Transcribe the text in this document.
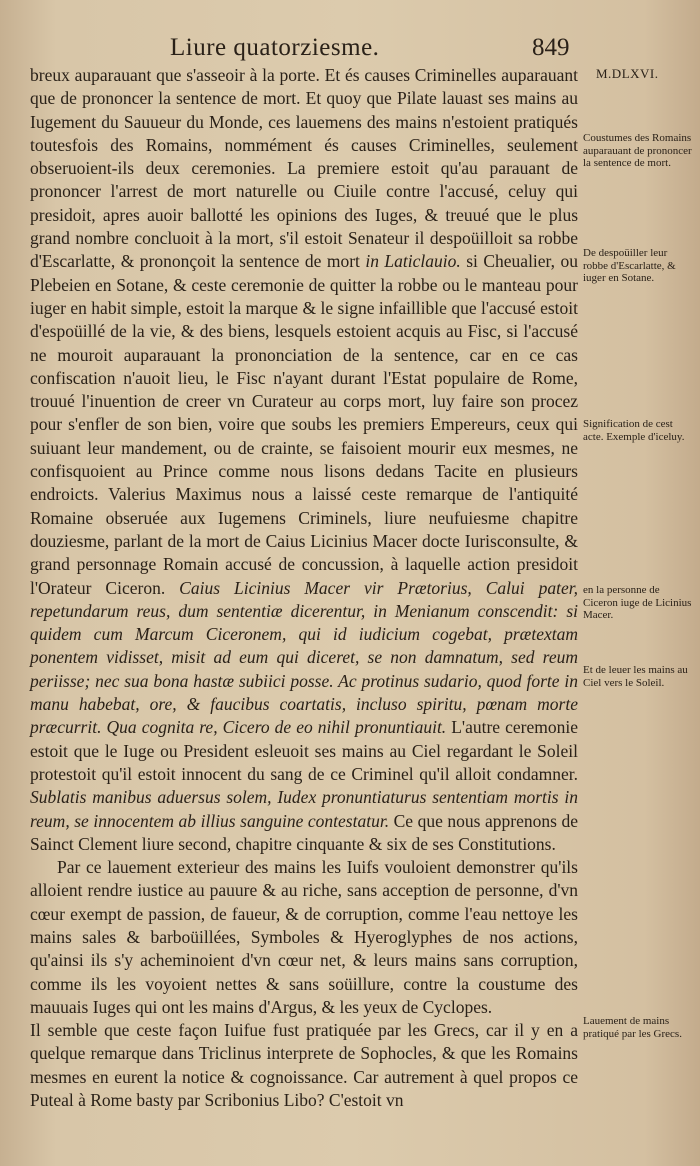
Liure quatorziesme.	849
M.DLXVI.
Coustumes des Romains auparauant de prononcer la sentence de mort.
De despoüiller leur robbe d'Escarlatte, & iuger en Sotane.
Signification de cest acte. Exemple d'iceluy.
en la personne de Ciceron iuge de Licinius Macer.
Et de leuer les mains au Ciel vers le Soleil.
Lauement de mains pratiqué par les Grecs.

breux auparauant que s'asseoir à la porte. Et és causes Criminelles auparauant que de prononcer la sentence de mort. Et quoy que Pilate lauast ses mains au Iugement du Sauueur du Monde, ces lauemens des mains n'estoient pratiqués toutesfois des Romains, nommément és causes Criminelles, seulement obseruoient-ils deux ceremonies. La premiere estoit qu'au parauant de prononcer l'arrest de mort naturelle ou Ciuile contre l'accusé, celuy qui presidoit, apres auoir ballotté les opinions des Iuges, & treuué que le plus grand nombre concluoit à la mort, s'il estoit Senateur il despoüilloit sa robbe d'Escarlatte, & prononçoit la sentence de mort in Laticlauio. si Cheualier, ou Plebeien en Sotane, & ceste ceremonie de quitter la robbe ou le manteau pour iuger en habit simple, estoit la marque & le signe infaillible que l'accusé estoit d'espoüillé de la vie, & des biens, lesquels estoient acquis au Fisc, si l'accusé ne mouroit auparauant la prononciation de la sentence, car en ce cas confiscation n'auoit lieu, le Fisc n'ayant durant l'Estat populaire de Rome, trouué l'inuention de creer vn Curateur au corps mort, luy faire son procez pour s'enfler de son bien, voire que soubs les premiers Empereurs, ceux qui suiuant leur mandement, ou de crainte, se faisoient mourir eux mesmes, ne confisquoient au Prince comme nous lisons dedans Tacite en plusieurs endroicts. Valerius Maximus nous a laissé ceste remarque de l'antiquité Romaine obseruée aux Iugemens Criminels, liure neufuiesme chapitre douziesme, parlant de la mort de Caius Licinius Macer docte Iurisconsulte, & grand personnage Romain accusé de concussion, à laquelle action presidoit l'Orateur Ciceron. Caius Licinius Macer vir Prætorius, Calui pater, repetundarum reus, dum sententiæ dicerentur, in Menianum conscendit: si quidem cum Marcum Ciceronem, qui id iudicium cogebat, prætextam ponentem vidisset, misit ad eum qui diceret, se non damnatum, sed reum periisse; nec sua bona hastæ subiici posse. Ac protinus sudario, quod forte in manu habebat, ore, & faucibus coartatis, incluso spiritu, pœnam morte præcurrit. Qua cognita re, Cicero de eo nihil pronuntiauit. L'autre ceremonie estoit que le Iuge ou President esleuoit ses mains au Ciel regardant le Soleil protestoit qu'il estoit innocent du sang de ce Criminel qu'il alloit condamner. Sublatis manibus aduersus solem, Iudex pronuntiaturus sententiam mortis in reum, se innocentem ab illius sanguine contestatur. Ce que nous apprenons de Sainct Clement liure second, chapitre cinquante & six de ses Constitutions.

Par ce lauement exterieur des mains les Iuifs vouloient demonstrer qu'ils alloient rendre iustice au pauure & au riche, sans acception de personne, d'vn cœur exempt de passion, de faueur, & de corruption, comme l'eau nettoye les mains sales & barboüillées, Symboles & Hyeroglyphes de nos actions, qu'ainsi ils s'y acheminoient d'vn cœur net, & leurs mains sans corruption, comme ils les voyoient nettes & sans soüillure, contre la coustume des mauuais Iuges qui ont les mains d'Argus, & les yeux de Cyclopes.

Il semble que ceste façon Iuifue fust pratiquée par les Grecs, car il y en a quelque remarque dans Triclinus interprete de Sophocles, & que les Romains mesmes en eurent la notice & cognoissance. Car autrement à quel propos ce Puteal à Rome basty par Scribonius Libo? C'estoit vn
